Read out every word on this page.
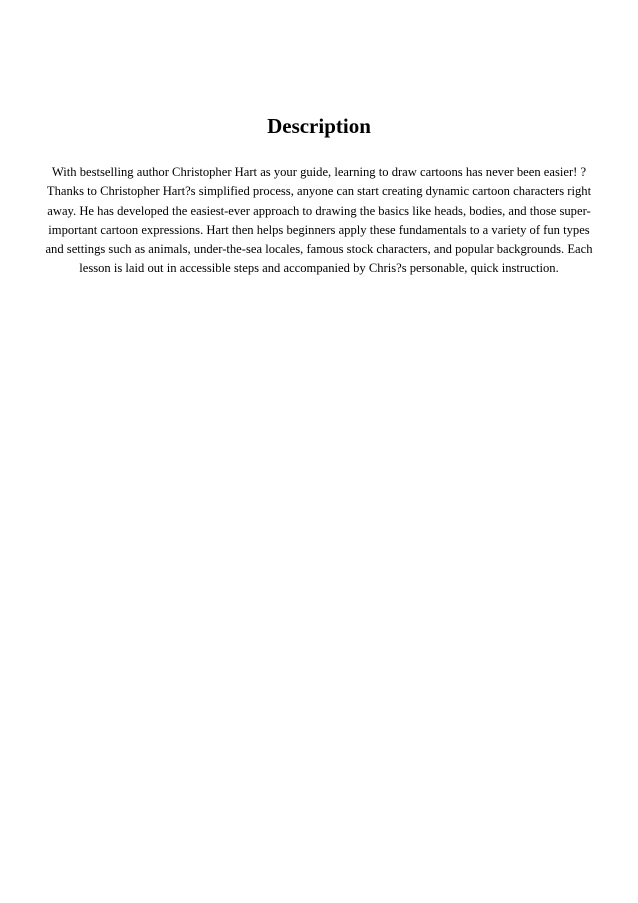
Description
With bestselling author Christopher Hart as your guide, learning to draw cartoons has never been easier! ?
Thanks to Christopher Hart?s simplified process, anyone can start creating dynamic cartoon characters right
away. He has developed the easiest-ever approach to drawing the basics like heads, bodies, and those super-
important cartoon expressions. Hart then helps beginners apply these fundamentals to a variety of fun types
and settings such as animals, under-the-sea locales, famous stock characters, and popular backgrounds. Each
lesson is laid out in accessible steps and accompanied by Chris?s personable, quick instruction.
